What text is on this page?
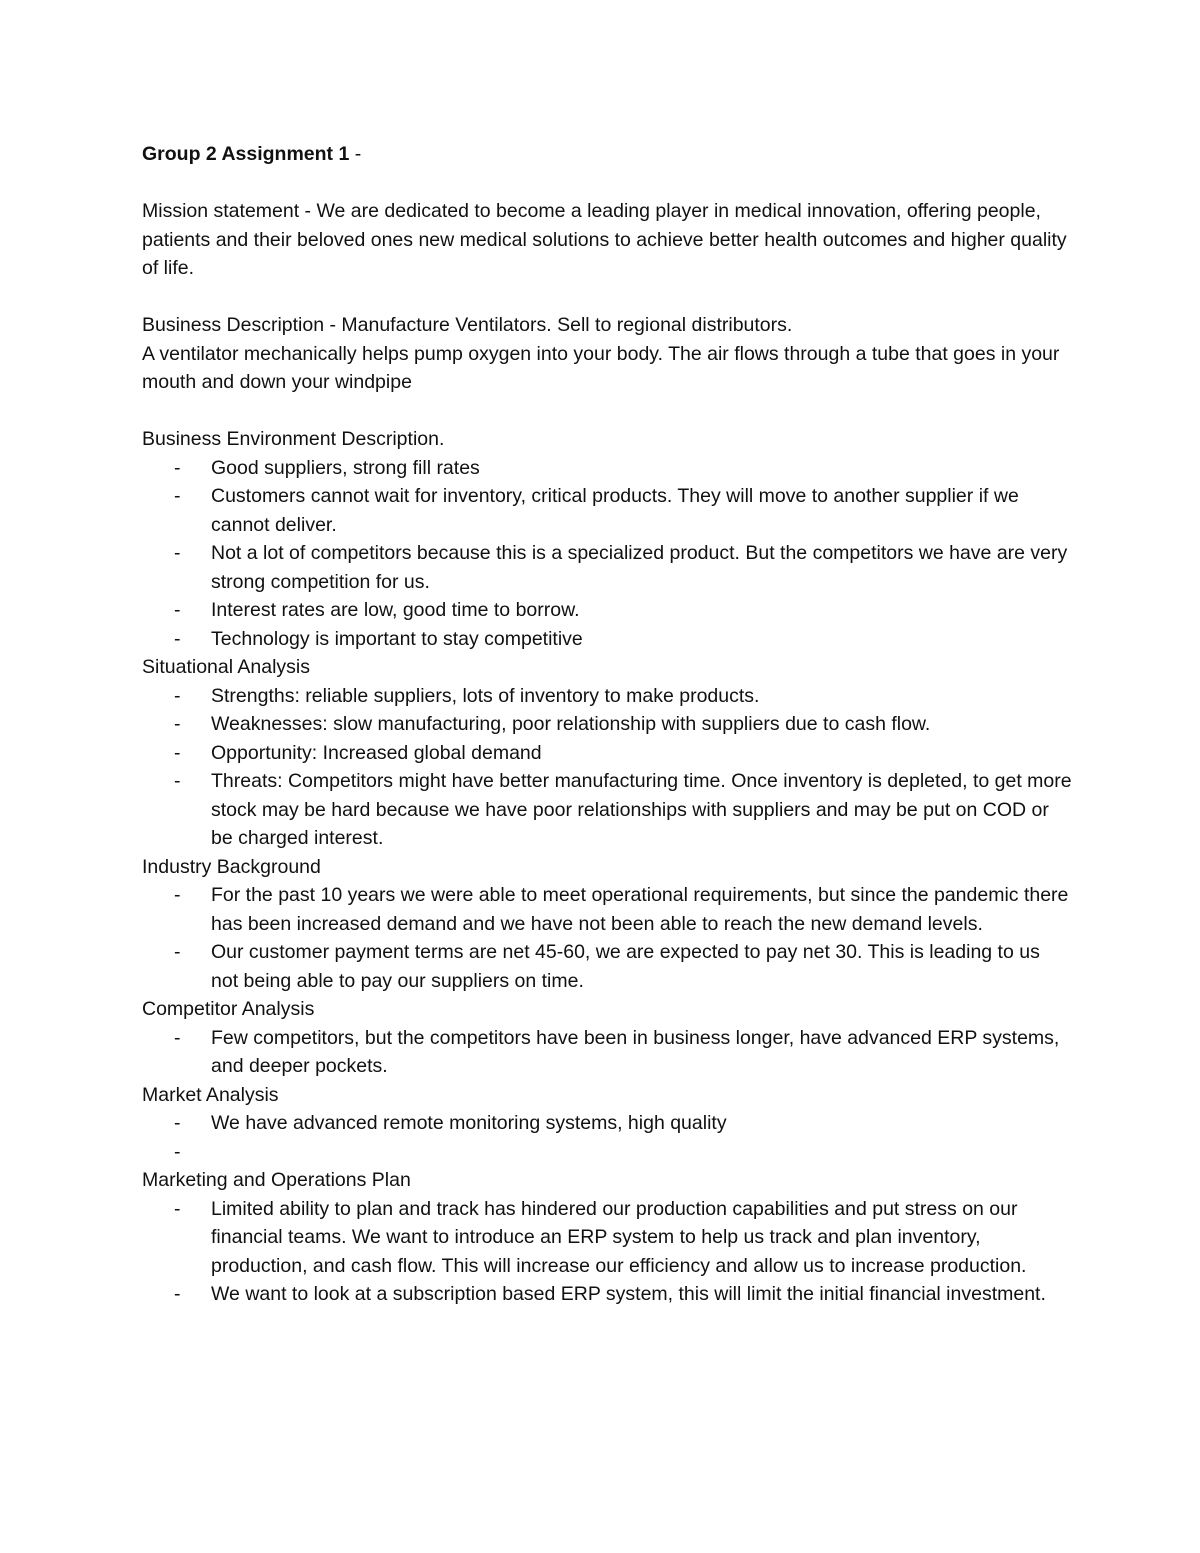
Group 2 Assignment 1 -

Mission statement - We are dedicated to become a leading player in medical innovation, offering people, patients and their beloved ones new medical solutions to achieve better health outcomes and higher quality of life.

Business Description - Manufacture Ventilators. Sell to regional distributors.

A ventilator mechanically helps pump oxygen into your body. The air flows through a tube that goes in your mouth and down your windpipe

Business Environment Description.

- Good suppliers, strong fill rates
- Customers cannot wait for inventory, critical products. They will move to another supplier if we cannot deliver.
- Not a lot of competitors because this is a specialized product. But the competitors we have are very strong competition for us.
- Interest rates are low, good time to borrow.
- Technology is important to stay competitive

Situational Analysis

- Strengths: reliable suppliers, lots of inventory to make products.
- Weaknesses: slow manufacturing, poor relationship with suppliers due to cash flow.
- Opportunity: Increased global demand
- Threats: Competitors might have better manufacturing time. Once inventory is depleted, to get more stock may be hard because we have poor relationships with suppliers and may be put on COD or be charged interest.

Industry Background

- For the past 10 years we were able to meet operational requirements, but since the pandemic there has been increased demand and we have not been able to reach the new demand levels.
- Our customer payment terms are net 45-60, we are expected to pay net 30. This is leading to us not being able to pay our suppliers on time.

Competitor Analysis

- Few competitors, but the competitors have been in business longer, have advanced ERP systems, and deeper pockets.

Market Analysis

- We have advanced remote monitoring systems, high quality
-

Marketing and Operations Plan

- Limited ability to plan and track has hindered our production capabilities and put stress on our financial teams. We want to introduce an ERP system to help us track and plan inventory, production, and cash flow. This will increase our efficiency and allow us to increase production.
- We want to look at a subscription based ERP system, this will limit the initial financial investment.
